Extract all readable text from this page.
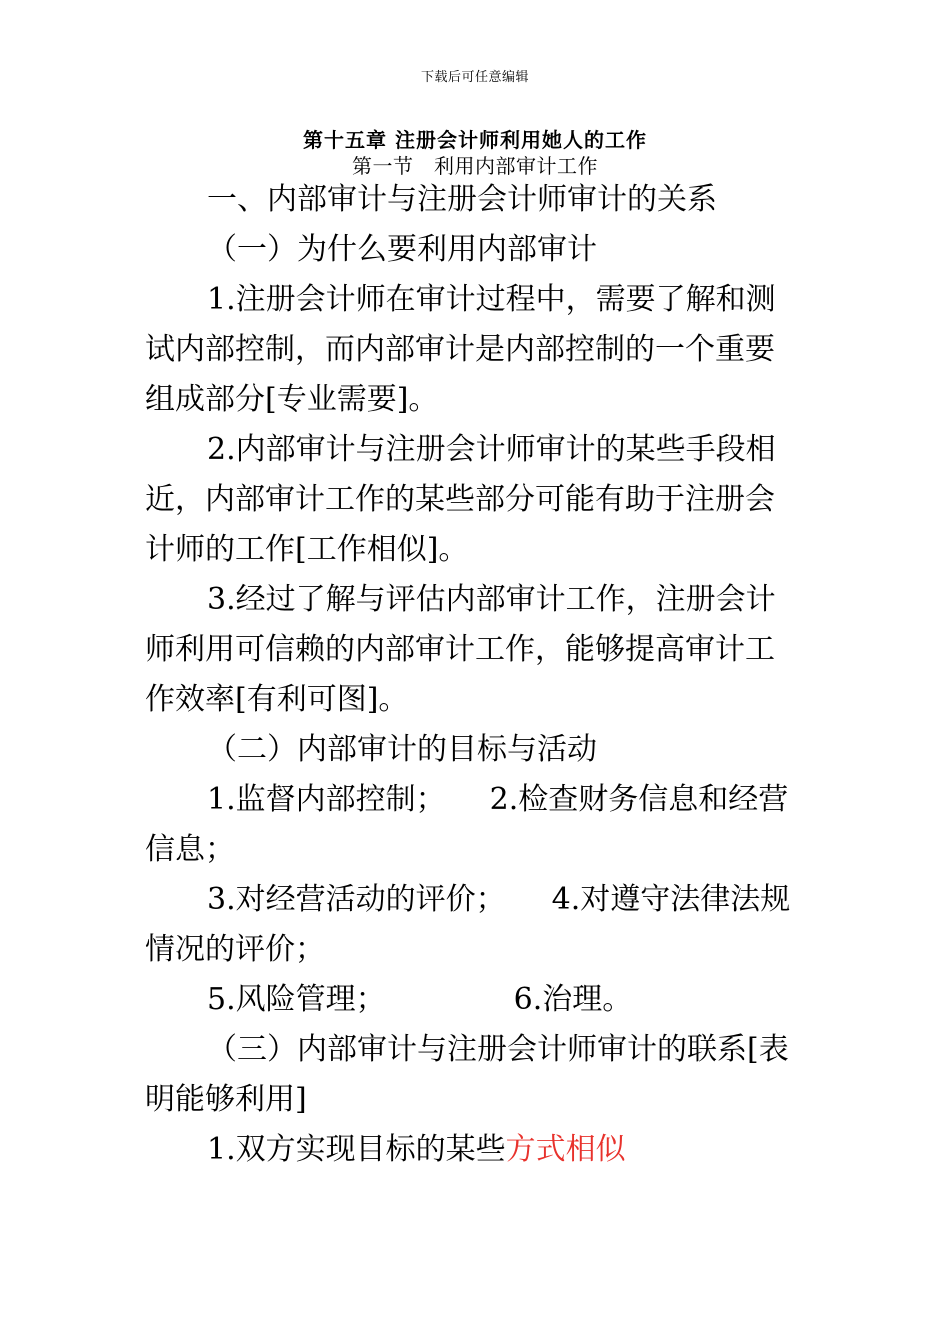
下载后可任意编辑
第十五章 注册会计师利用她人的工作
第一节　利用内部审计工作

一、内部审计与注册会计师审计的关系

（一）为什么要利用内部审计

1.注册会计师在审计过程中，需要了解和测试内部控制，而内部审计是内部控制的一个重要组成部分[专业需要]。

2.内部审计与注册会计师审计的某些手段相近，内部审计工作的某些部分可能有助于注册会计师的工作[工作相似]。

3.经过了解与评估内部审计工作，注册会计师利用可信赖的内部审计工作，能够提高审计工作效率[有利可图]。

（二）内部审计的目标与活动

1.监督内部控制； 2.检查财务信息和经营信息；

3.对经营活动的评价； 4.对遵守法律法规情况的评价；

5.风险管理；	6.治理。

（三）内部审计与注册会计师审计的联系[表明能够利用]

1.双方实现目标的某些方式相似
